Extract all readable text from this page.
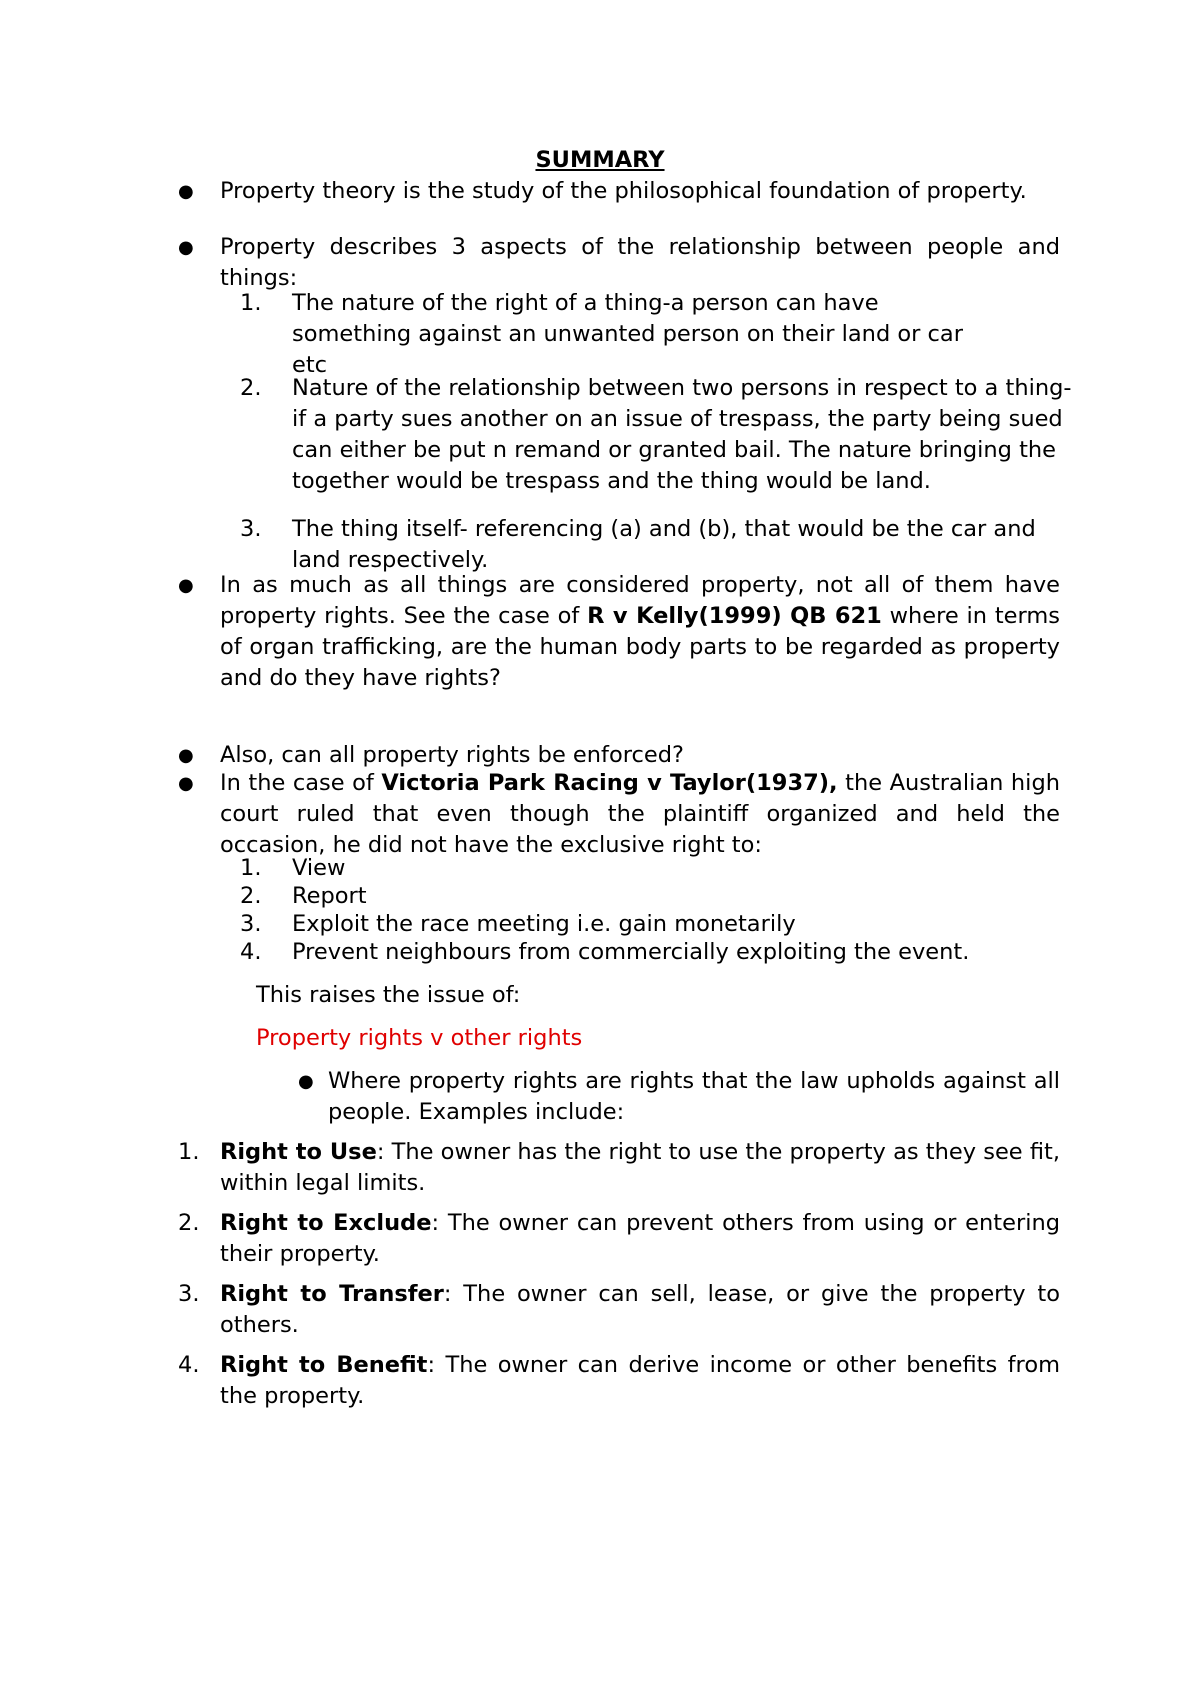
SUMMARY
● Property theory is the study of the philosophical foundation of property.
● Property describes 3 aspects of the relationship between people and things:
1.	The nature of the right of a thing-a person can have something against an unwanted person on their land or car etc
2.	Nature of the relationship between two persons in respect to a thing- if a party sues another on an issue of trespass, the party being sued can either be put n remand or granted bail. The nature bringing the together would be trespass and the thing would be land.
3.	The thing itself- referencing (a) and (b), that would be the car and land respectively.
● In as much as all things are considered property, not all of them have property rights. See the case of R v Kelly(1999) QB 621 where in terms of organ trafficking, are the human body parts to be regarded as property and do they have rights?
● Also, can all property rights be enforced?
● In the case of Victoria Park Racing v Taylor(1937), the Australian high court ruled that even though the plaintiff organized and held the occasion, he did not have the exclusive right to:
1.	View
2.	Report
3.	Exploit the race meeting i.e. gain monetarily
4.	Prevent neighbours from commercially exploiting the event.
This raises the issue of:
Property rights v other rights
● Where property rights are rights that the law upholds against all people. Examples include:
1. Right to Use: The owner has the right to use the property as they see fit, within legal limits.
2. Right to Exclude: The owner can prevent others from using or entering their property.
3. Right to Transfer: The owner can sell, lease, or give the property to others.
4. Right to Benefit: The owner can derive income or other benefits from the property.
